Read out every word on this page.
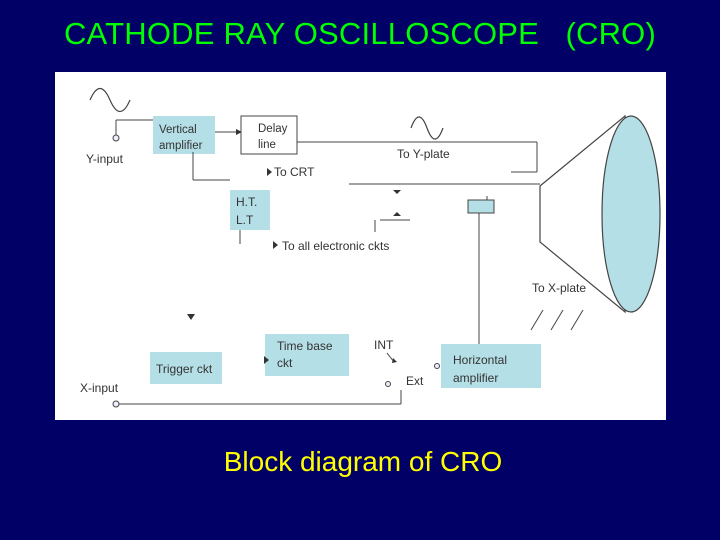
CATHODE RAY OSCILLOSCOPE   (CRO)
Vertical
amplifier
Delay
line
To CRT
H.T.
L.T
To all electronic ckts
To Y-plate
To X-plate
Trigger ckt
Time base
ckt
INT
Ext
Horizontal
amplifier
Y-input
X-input
Block diagram of CRO
